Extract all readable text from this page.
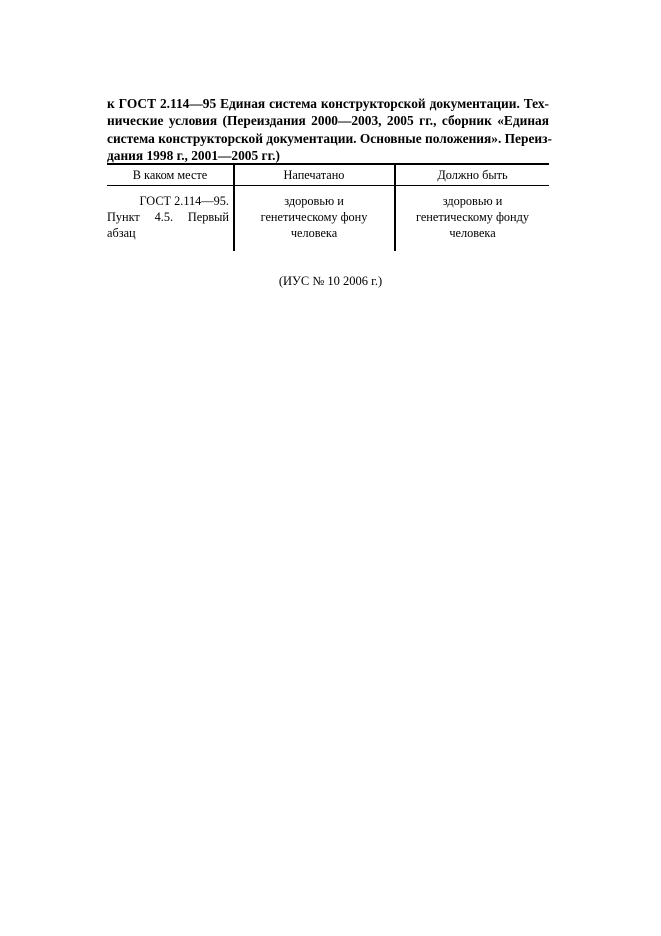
к ГОСТ 2.114—95 Единая система конструкторской документации. Тех-
нические условия (Переиздания 2000—2003, 2005 гг., сборник «Единая
система конструкторской документации. Основные положения». Переиз-
дания 1998 г., 2001—2005 гг.)
В каком месте	Напечатано	Должно быть
ГОСТ 2.114—95.
Пункт 4.5. Первый
абзац
здоровью и
генетическому фону
человека
здоровью и
генетическому фонду
человека
(ИУС № 10 2006 г.)
